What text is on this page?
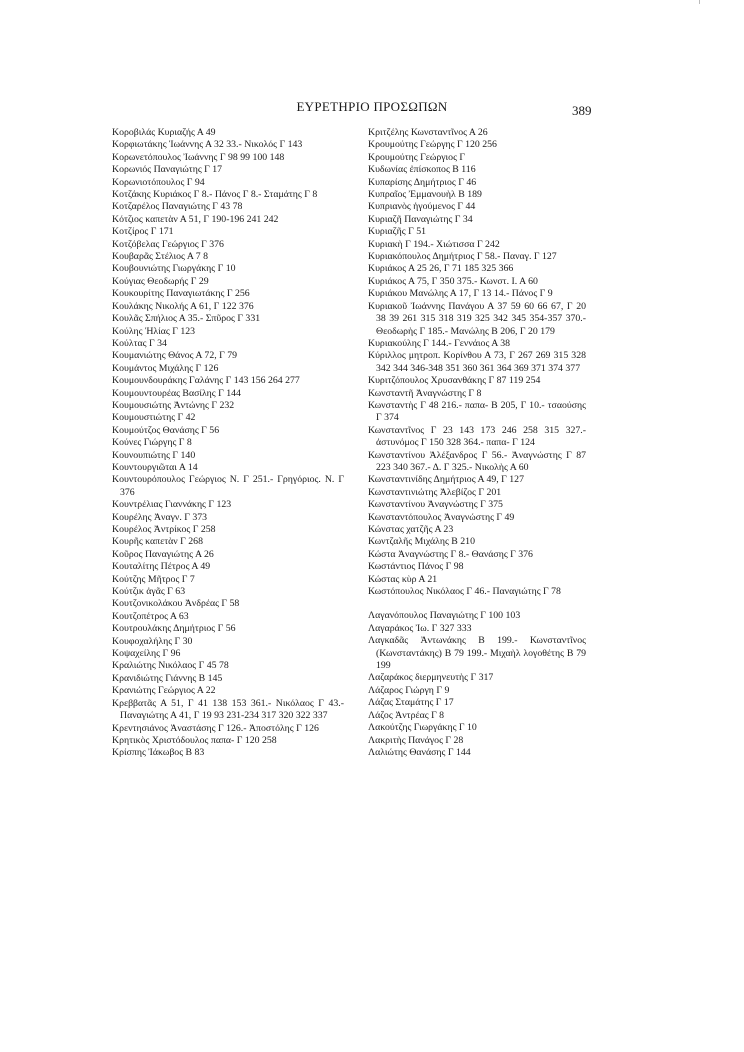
ΕΥΡΕΤΗΡΙΟ ΠΡΟΣΩΠΩΝ	389
Κοροβιλάς Κυριαζής Α 49
Κορφιωτάκης Ἰωάννης Α 32 33.- Νικολός Γ 143
Κορωνετόπουλος Ἰωάννης Γ 98 99 100 148
Κορωνιός Παναγιώτης Γ 17
Κορωνιοτόπουλος Γ 94
Κοτζάκης Κυριάκος Γ 8.- Πάνος Γ 8.- Σταμάτης Γ 8
Κοτζαρέλος Παναγιώτης Γ 43 78
Κότζιος καπετὰν Α 51, Γ 190-196 241 242
Κοτζίρος Γ 171
Κοτζόβελας Γεώργιος Γ 376
Κουβαρᾶς Στέλιος Α 7 8
Κουβουνιώτης Γιωργάκης Γ 10
Κούγιας Θεοδωρής Γ 29
Κουκουρίτης Παναγιωτάκης Γ 256
Κουλάκης Νικολής Α 61, Γ 122 376
Κουλᾶς Σπήλιος Α 35.- Σπῦρος Γ 331
Κούλης Ἠλίας Γ 123
Κούλτας Γ 34
Κουμανιώτης Θάνος Α 72, Γ 79
Κουμάντος Μιχάλης Γ 126
Κουμουνδουράκης Γαλάνης Γ 143 156 264 277
Κουμουντουρέας Βασίλης Γ 144
Κουμουσιώτης Ἀντώνης Γ 232
Κουμουστιώτης Γ 42
Κουμούτζος Θανάσης Γ 56
Κούνες Γιώργης Γ 8
Κουνουπιώτης Γ 140
Κουντουργιῶται Α 14
Κουντουρόπουλος Γεώργιος Ν. Γ 251.- Γρηγόριος. Ν. Γ 376
Κουντρέλιας Γιαννάκης Γ 123
Κουρέλης Ἀναγν. Γ 373
Κουρέλος Ἀντρίκος Γ 258
Κουρῆς καπετὰν Γ 268
Κοῦρος Παναγιώτης Α 26
Κουταλίτης Πέτρος Α 49
Κούτζης Μῆτρος Γ 7
Κούτζικ ἀγᾶς Γ 63
Κουτζονικολάκου Ἀνδρέας Γ 58
Κουτζοπέτρος Α 63
Κουτρουλάκης Δημήτριος Γ 56
Κουφοχαλήλης Γ 30
Κοψαχείλης Γ 96
Κραλιώτης Νικόλαος Γ 45 78
Κρανιδιώτης Γιάννης Β 145
Κρανιώτης Γεώργιος Α 22
Κρεββατᾶς Α 51, Γ 41 138 153 361.- Νικόλαος Γ 43.- Παναγιώτης Α 41, Γ 19 93 231-234 317 320 322 337
Κρεντησιάνος Ἀναστάσης Γ 126.- Ἀποστόλης Γ 126
Κρητικὸς Χριστόδουλος παπα- Γ 120 258
Κρίσπης Ἰάκωβος Β 83
Κριτζέλης Κωνσταντῖνος Α 26
Κρουμούτης Γεώργης Γ 120 256
Κρουμούτης Γεώργιος Γ
Κυδωνίας ἐπίσκοπος Β 116
Κυπαρίσης Δημήτριος Γ 46
Κυπραῖος Ἐμμανουὴλ Β 189
Κυπριανὸς ἡγούμενος Γ 44
Κυριαζῆ Παναγιώτης Γ 34
Κυριαζῆς Γ 51
Κυριακὴ Γ 194.- Χιώτισσα Γ 242
Κυριακόπουλος Δημήτριος Γ 58.- Παναγ. Γ 127
Κυριάκος Α 25 26, Γ 71 185 325 366
Κυριάκος Α 75, Γ 350 375.- Κωνστ. Ι. Α 60
Κυριάκου Μανώλης Α 17, Γ 13 14.- Πάνος Γ 9
Κυριακοῦ Ἰωάννης Πανάγου Α 37 59 60 66 67, Γ 20 38 39 261 315 318 319 325 342 345 354-357 370.- Θεοδωρὴς Γ 185.- Μανώλης Β 206, Γ 20 179
Κυριακούλης Γ 144.- Γεννάιος Α 38
Κύριλλος μητροπ. Κορίνθου Α 73, Γ 267 269 315 328 342 344 346-348 351 360 361 364 369 371 374 377
Κυριτζόπουλος Χρυσανθάκης Γ 87 119 254
Κωνσταντῆ Ἀναγνώστης Γ 8
Κωνσταντὴς Γ 48 216.- παπα- Β 205, Γ 10.- τσαούσης Γ 374
Κωνσταντῖνος Γ 23 143 173 246 258 315 327.- ἀστυνόμος Γ 150 328 364.- παπα- Γ 124
Κωνσταντίνου Ἀλέξανδρος Γ 56.- Ἀναγνώστης Γ 87 223 340 367.- Δ. Γ 325.- Νικολὴς Α 60
Κωνσταντινίδης Δημήτριος Α 49, Γ 127
Κωνσταντινιώτης Ἀλεβίζος Γ 201
Κωνσταντίνου Ἀναγνώστης Γ 375
Κωνσταντόπουλος Ἀναγνώστης Γ 49
Κώνστας χατζῆς Α 23
Κωντζαλῆς Μιχάλης Β 210
Κώστα Ἀναγνώστης Γ 8.- Θανάσης Γ 376
Κωστάντιος Πάνος Γ 98
Κώστας κὺρ Α 21
Κωστόπουλος Νικόλαος Γ 46.- Παναγιώτης Γ 78
Λαγανόπουλος Παναγιώτης Γ 100 103
Λαγαράκος Ἰω. Γ 327 333
Λαγκαδᾶς Ἀντωνάκης Β 199.- Κωνσταντῖνος (Κωνσταντάκης) Β 79 199.- Μιχαὴλ λογοθέτης Β 79 199
Λαζαράκος διερμηνευτὴς Γ 317
Λάζαρος Γιώργη Γ 9
Λάζας Σταμάτης Γ 17
Λάζος Ἀντρέας Γ 8
Λακούτζης Γιωργάκης Γ 10
Λακριτὴς Πανάγος Γ 28
Λαλιώτης Θανάσης Γ 144
